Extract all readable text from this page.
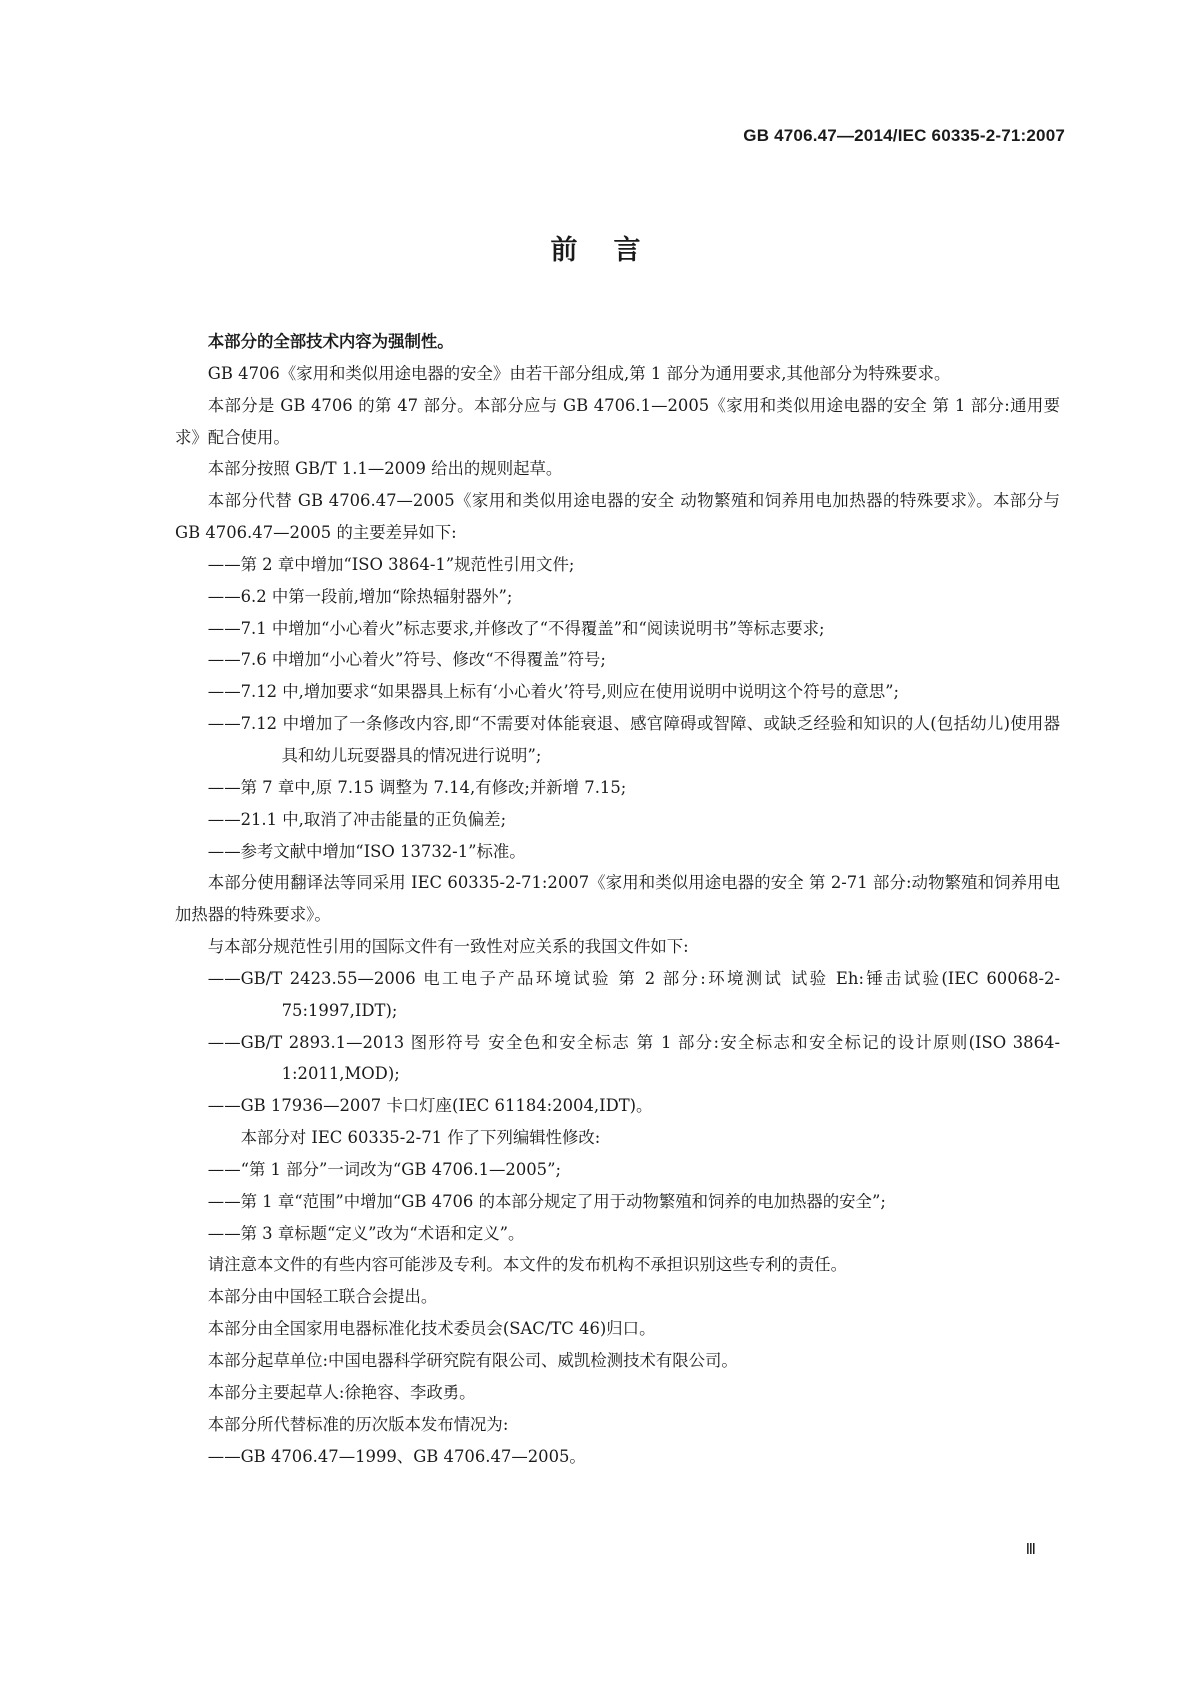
GB 4706.47—2014/IEC 60335-2-71:2007
前言
本部分的全部技术内容为强制性。
GB 4706《家用和类似用途电器的安全》由若干部分组成,第 1 部分为通用要求,其他部分为特殊要求。
本部分是 GB 4706 的第 47 部分。本部分应与 GB 4706.1—2005《家用和类似用途电器的安全 第 1 部分:通用要求》配合使用。
本部分按照 GB/T 1.1—2009 给出的规则起草。
本部分代替 GB 4706.47—2005《家用和类似用途电器的安全 动物繁殖和饲养用电加热器的特殊要求》。本部分与 GB 4706.47—2005 的主要差异如下:
——第 2 章中增加“ISO 3864-1”规范性引用文件;
——6.2 中第一段前,增加“除热辐射器外”;
——7.1 中增加“小心着火”标志要求,并修改了“不得覆盖”和“阅读说明书”等标志要求;
——7.6 中增加“小心着火”符号、修改“不得覆盖”符号;
——7.12 中,增加要求“如果器具上标有‘小心着火’符号,则应在使用说明中说明这个符号的意思”;
——7.12 中增加了一条修改内容,即“不需要对体能衰退、感官障碍或智障、或缺乏经验和知识的人(包括幼儿)使用器具和幼儿玩耍器具的情况进行说明”;
——第 7 章中,原 7.15 调整为 7.14,有修改;并新增 7.15;
——21.1 中,取消了冲击能量的正负偏差;
——参考文献中增加“ISO 13732-1”标准。
本部分使用翻译法等同采用 IEC 60335-2-71:2007《家用和类似用途电器的安全 第 2-71 部分:动物繁殖和饲养用电加热器的特殊要求》。
与本部分规范性引用的国际文件有一致性对应关系的我国文件如下:
——GB/T 2423.55—2006 电工电子产品环境试验 第 2 部分:环境测试 试验 Eh:锤击试验(IEC 60068-2-75:1997,IDT);
——GB/T 2893.1—2013 图形符号 安全色和安全标志 第 1 部分:安全标志和安全标记的设计原则(ISO 3864-1:2011,MOD);
——GB 17936—2007 卡口灯座(IEC 61184:2004,IDT)。
本部分对 IEC 60335-2-71 作了下列编辑性修改:
——“第 1 部分”一词改为“GB 4706.1—2005”;
——第 1 章“范围”中增加“GB 4706 的本部分规定了用于动物繁殖和饲养的电加热器的安全”;
——第 3 章标题“定义”改为“术语和定义”。
请注意本文件的有些内容可能涉及专利。本文件的发布机构不承担识别这些专利的责任。
本部分由中国轻工联合会提出。
本部分由全国家用电器标准化技术委员会(SAC/TC 46)归口。
本部分起草单位:中国电器科学研究院有限公司、威凯检测技术有限公司。
本部分主要起草人:徐艳容、李政勇。
本部分所代替标准的历次版本发布情况为:
——GB 4706.47—1999、GB 4706.47—2005。
Ⅲ
